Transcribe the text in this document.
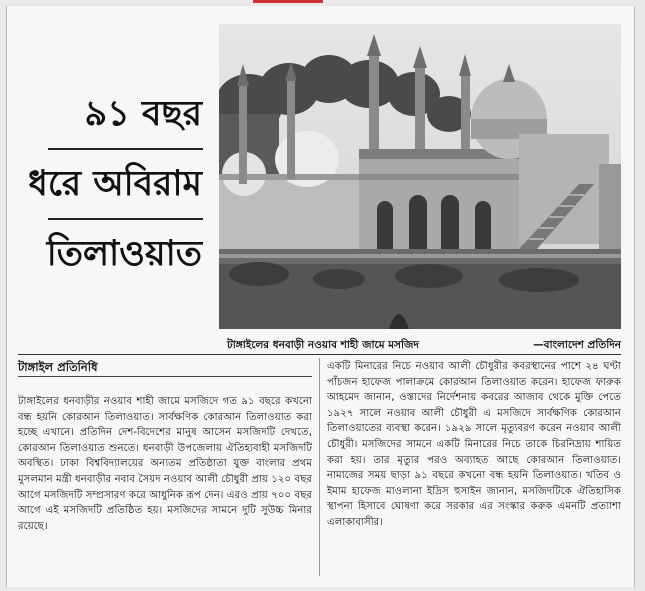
৯১ বছর
ধরে অবিরাম
তিলাওয়াত
টাঙ্গাইলের ধনবাড়ী নওয়াব শাহী জামে মসজিদ	—বাংলাদেশ প্রতিদিন
টাঙ্গাইল প্রতিনিধি
টাঙ্গাইলের ধনবাড়ীর নওয়াব শাহী জামে মসজিদে গত ৯১ বছরে কখনো বন্ধ হয়নি কোরআন তিলাওয়াত। সার্বক্ষণিক কোরআন তিলাওয়াত করা হচ্ছে এখানে। প্রতিদিন দেশ-বিদেশের মানুষ আসেন মসজিদটি দেখতে, কোরআন তিলাওয়াত শুনতে। ধনবাড়ী উপজেলায় ঐতিহ্যবাহী মসজিদটি অবস্থিত। ঢাকা বিশ্ববিদ্যালয়ের অন্যতম প্রতিষ্ঠাতা যুক্ত বাংলার প্রথম মুসলমান মন্ত্রী ধনবাড়ীর নবাব সৈয়দ নওয়াব আলী চৌধুরী প্রায় ১২০ বছর আগে মসজিদটি সম্প্রসারণ করে আধুনিক রূপ দেন। এরও প্রায় ৭০০ বছর আগে এই মসজিদটি প্রতিষ্ঠিত হয়। মসজিদের সামনে দুটি সুউচ্চ মিনার রয়েছে।
একটি মিনারের নিচে নওয়াব আলী চৌধুরীর কবরস্থানের পাশে ২৪ ঘণ্টা পাঁচজন হাফেজ পালাক্রমে কোরআন তিলাওয়াত করেন। হাফেজ ফারুক আহমেদ জানান, ওস্তাদের নির্দেশনায় কবরের আজাব থেকে মুক্তি পেতে ১৯২৭ সালে নওয়াব আলী চৌধুরী এ মসজিদে সার্বক্ষণিক কোরআন তিলাওয়াতের ব্যবস্থা করেন। ১৯২৯ সালে মৃত্যুবরণ করেন নওয়াব আলী চৌধুরী। মসজিদের সামনে একটি মিনারের নিচে তাকে চিরনিদ্রায় শায়িত করা হয়। তার মৃত্যুর পরও অব্যাহত আছে কোরআন তিলাওয়াত। নামাজের সময় ছাড়া ৯১ বছরে কখনো বন্ধ হয়নি তিলাওয়াত। খতিব ও ইমাম হাফেজ মাওলানা ইদ্রিস হুসাইন জানান, মসজিদটিকে ঐতিহাসিক স্থাপনা হিসাবে ঘোষণা করে সরকার এর সংস্কার করুক এমনটি প্রত্যাশা এলাকাবাসীর।
